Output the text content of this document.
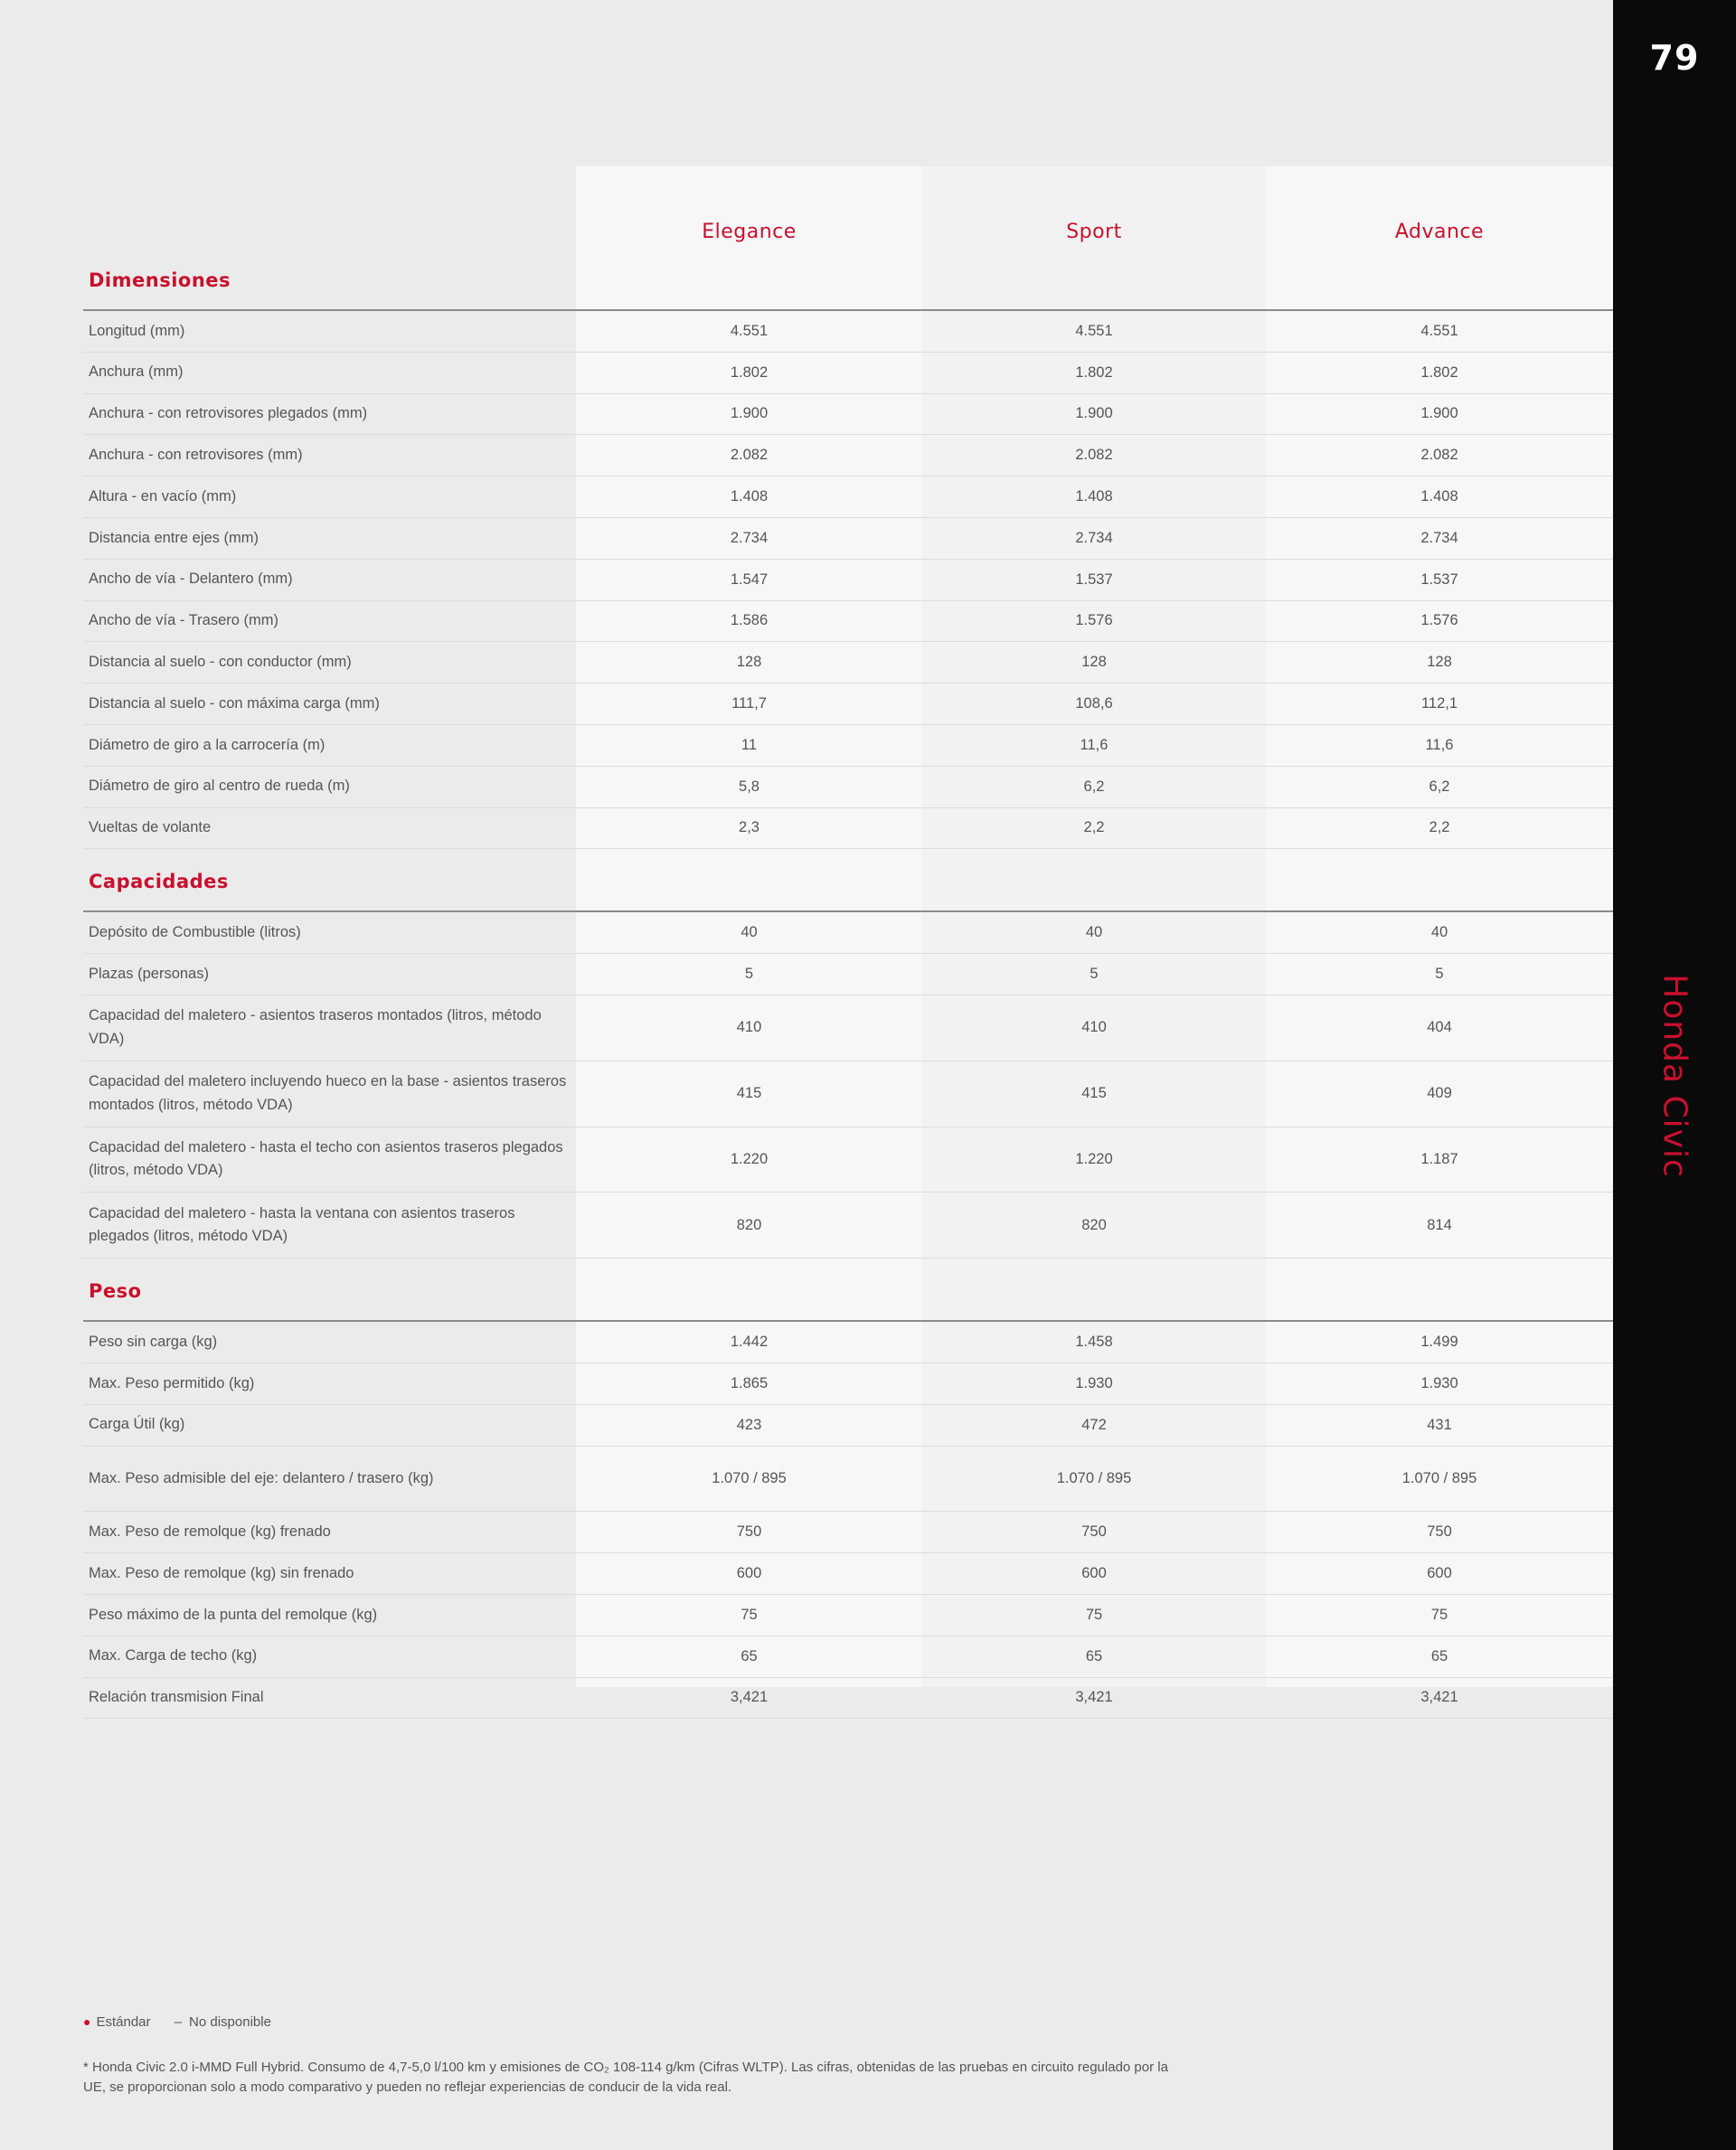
Dimensiones
Elegance	Sport	Advance
Longitud (mm)	4.551	4.551	4.551
Anchura (mm)	1.802	1.802	1.802
Anchura - con retrovisores plegados (mm)	1.900	1.900	1.900
Anchura - con retrovisores (mm)	2.082	2.082	2.082
Altura - en vacío (mm)	1.408	1.408	1.408
Distancia entre ejes (mm)	2.734	2.734	2.734
Ancho de vía - Delantero (mm)	1.547	1.537	1.537
Ancho de vía - Trasero (mm)	1.586	1.576	1.576
Distancia al suelo - con conductor (mm)	128	128	128
Distancia al suelo - con máxima carga (mm)	111,7	108,6	112,1
Diámetro de giro a la carrocería (m)	11	11,6	11,6
Diámetro de giro al centro de rueda (m)	5,8	6,2	6,2
Vueltas de volante	2,3	2,2	2,2
Capacidades
Depósito de Combustible (litros)	40	40	40
Plazas (personas)	5	5	5
Capacidad del maletero - asientos traseros montados (litros, método VDA)
410	410	404
Capacidad del maletero incluyendo hueco en la base - asientos traseros montados (litros, método VDA)
415	415	409
Capacidad del maletero - hasta el techo con asientos traseros plegados (litros, método VDA)
1.220	1.220	1.187
Capacidad del maletero - hasta la ventana con asientos traseros plegados (litros, método VDA)
820	820	814
Peso
Peso sin carga (kg)	1.442	1.458	1.499
Max. Peso permitido (kg)	1.865	1.930	1.930
Carga Útil (kg)	423	472	431
Max. Peso admisible del eje: delantero / trasero (kg)	1.070 / 895	1.070 / 895	1.070 / 895
Max. Peso de remolque (kg) frenado	750	750	750
Max. Peso de remolque (kg) sin frenado	600	600	600
Peso máximo de la punta del remolque (kg)	75	75	75
Max. Carga de techo (kg)	65	65	65
Relación transmision Final	3,421	3,421	3,421
79
Honda Civic
● Estándar – No disponible
* Honda Civic 2.0 i-MMD Full Hybrid. Consumo de 4,7-5,0 l/100 km y emisiones de CO₂ 108-114 g/km (Cifras WLTP). Las cifras, obtenidas de las pruebas en circuito regulado por la UE, se proporcionan solo a modo comparativo y pueden no reflejar experiencias de conducir de la vida real.
